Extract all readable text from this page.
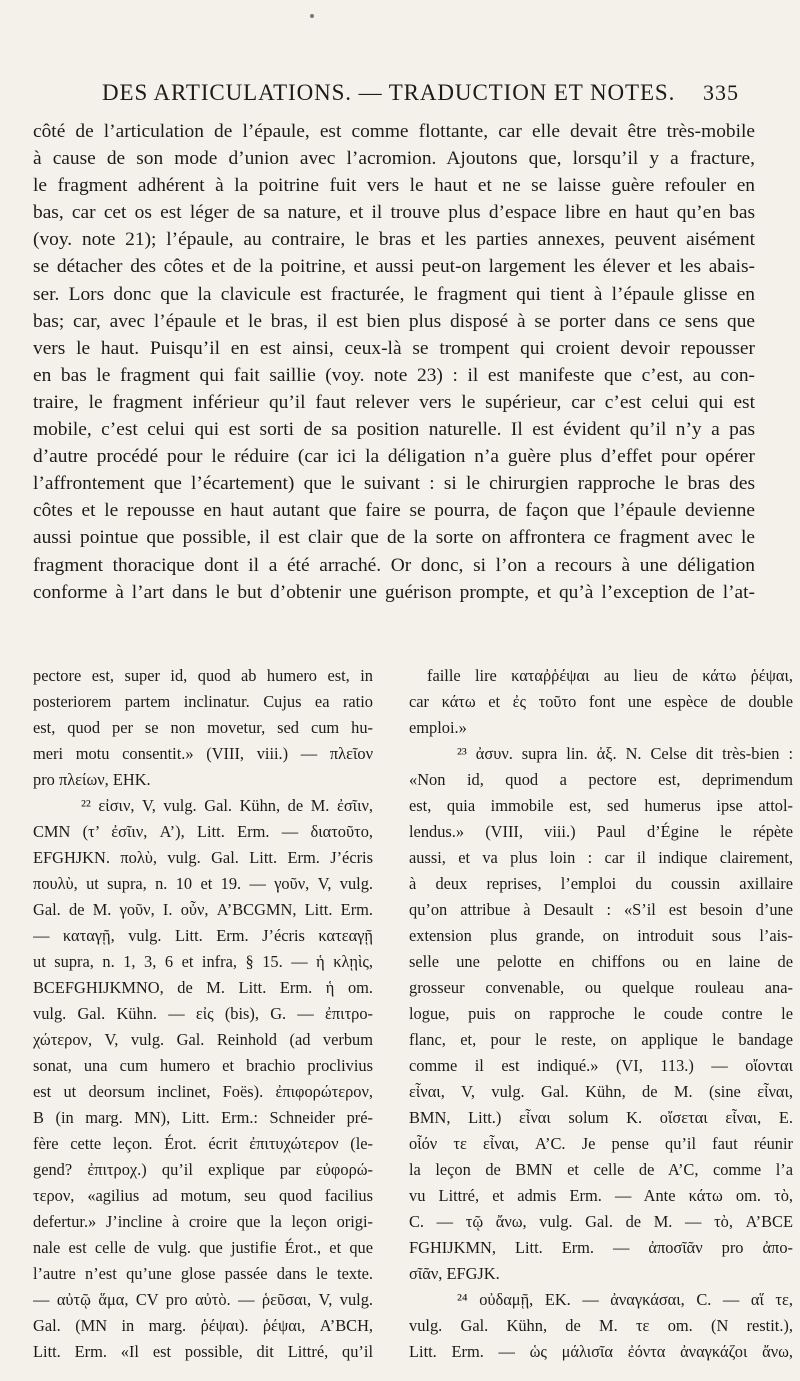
DES ARTICULATIONS. — TRADUCTION ET NOTES. 335
côté de l’articulation de l’épaule, est comme flottante, car elle devait être très-mobile
à cause de son mode d’union avec l’acromion. Ajoutons que, lorsqu’il y a fracture,
le fragment adhérent à la poitrine fuit vers le haut et ne se laisse guère refouler en
bas, car cet os est léger de sa nature, et il trouve plus d’espace libre en haut qu’en bas
(voy. note 21); l’épaule, au contraire, le bras et les parties annexes, peuvent aisément
se détacher des côtes et de la poitrine, et aussi peut-on largement les élever et les abais-
ser. Lors donc que la clavicule est fracturée, le fragment qui tient à l’épaule glisse en
bas; car, avec l’épaule et le bras, il est bien plus disposé à se porter dans ce sens que
vers le haut. Puisqu’il en est ainsi, ceux-là se trompent qui croient devoir repousser
en bas le fragment qui fait saillie (voy. note 23) : il est manifeste que c’est, au con-
traire, le fragment inférieur qu’il faut relever vers le supérieur, car c’est celui qui est
mobile, c’est celui qui est sorti de sa position naturelle. Il est évident qu’il n’y a pas
d’autre procédé pour le réduire (car ici la déligation n’a guère plus d’effet pour opérer
l’affrontement que l’écartement) que le suivant : si le chirurgien rapproche le bras des
côtes et le repousse en haut autant que faire se pourra, de façon que l’épaule devienne
aussi pointue que possible, il est clair que de la sorte on affrontera ce fragment avec le
fragment thoracique dont il a été arraché. Or donc, si l’on a recours à une déligation
conforme à l’art dans le but d’obtenir une guérison prompte, et qu’à l’exception de l’at-
pectore est, super id, quod ab humero est, in
posteriorem partem inclinatur. Cujus ea ratio
est, quod per se non movetur, sed cum hu-
meri motu consentit.» (VIII, viii.) — πλεῖον
pro πλείων, EHK.
²² εἰσιν, V, vulg. Gal. Kühn, de M. ἐσῖιν,
CMN (τ’ ἐσῖιν, A’), Litt. Erm. — διατοῦτο,
EFGHJKN. πολὺ, vulg. Gal. Litt. Erm. J’écris
πουλὺ, ut supra, n. 10 et 19. — γοῦν, V, vulg.
Gal. de M. γοῦν, I. οὖν, A’BCGMN, Litt. Erm.
— καταγῇ, vulg. Litt. Erm. J’écris κατεαγῇ
ut supra, n. 1, 3, 6 et infra, § 15. — ἡ κλῃὶς,
BCEFGHIJKMNO, de M. Litt. Erm. ἡ om.
vulg. Gal. Kühn. — εἰς (bis), G. — ἐπιτρο-
χώτερον, V, vulg. Gal. Reinhold (ad verbum
sonat, una cum humero et brachio proclivius
est ut deorsum inclinet, Foës). ἐπιφορώτερον,
B (in marg. MN), Litt. Erm.: Schneider pré-
fère cette leçon. Érot. écrit ἐπιτυχώτερον (le-
gend? ἐπιτροχ.) qu’il explique par εὐφορώ-
τερον, «agilius ad motum, seu quod facilius
defertur.» J’incline à croire que la leçon origi-
nale est celle de vulg. que justifie Érot., et que
l’autre n’est qu’une glose passée dans le texte.
— αὐτῷ ἅμα, CV pro αὐτὸ. — ῥεῦσαι, V, vulg.
Gal. (MN in marg. ῥέψαι). ῥέψαι, A’BCH,
Litt. Erm. «Il est possible, dit Littré, qu’il
faille lire καταῤῥέψαι au lieu de κάτω ῥέψαι,
car κάτω et ἐς τοῦτο font une espèce de double
emploi.»
²³ ἀσυν. supra lin. ἀξ. N. Celse dit très-bien :
«Non id, quod a pectore est, deprimendum
est, quia immobile est, sed humerus ipse attol-
lendus.» (VIII, viii.) Paul d’Égine le répète
aussi, et va plus loin : car il indique clairement,
à deux reprises, l’emploi du coussin axillaire
qu’on attribue à Desault : «S’il est besoin d’une
extension plus grande, on introduit sous l’ais-
selle une pelotte en chiffons ou en laine de
grosseur convenable, ou quelque rouleau ana-
logue, puis on rapproche le coude contre le
flanc, et, pour le reste, on applique le bandage
comme il est indiqué.» (VI, 113.) — οἴονται
εἶναι, V, vulg. Gal. Kühn, de M. (sine εἶναι,
BMN, Litt.) εἶναι solum K. οἴσεται εἶναι, E.
οἷόν τε εἶναι, A’C. Je pense qu’il faut réunir
la leçon de BMN et celle de A’C, comme l’a
vu Littré, et admis Erm. — Ante κάτω om. τὸ,
C. — τῷ ἄνω, vulg. Gal. de M. — τὸ, A’BCE
FGHIJKMN, Litt. Erm. — ἀποσῖᾶν pro ἀπο-
σῖᾶν, EFGJK.
²⁴ οὐδαμῇ, EK. — ἀναγκάσαι, C. — αἵ τε,
vulg. Gal. Kühn, de M. τε om. (N restit.),
Litt. Erm. — ὡς μάλισῖα ἐόντα ἀναγκάζοι ἄνω,
